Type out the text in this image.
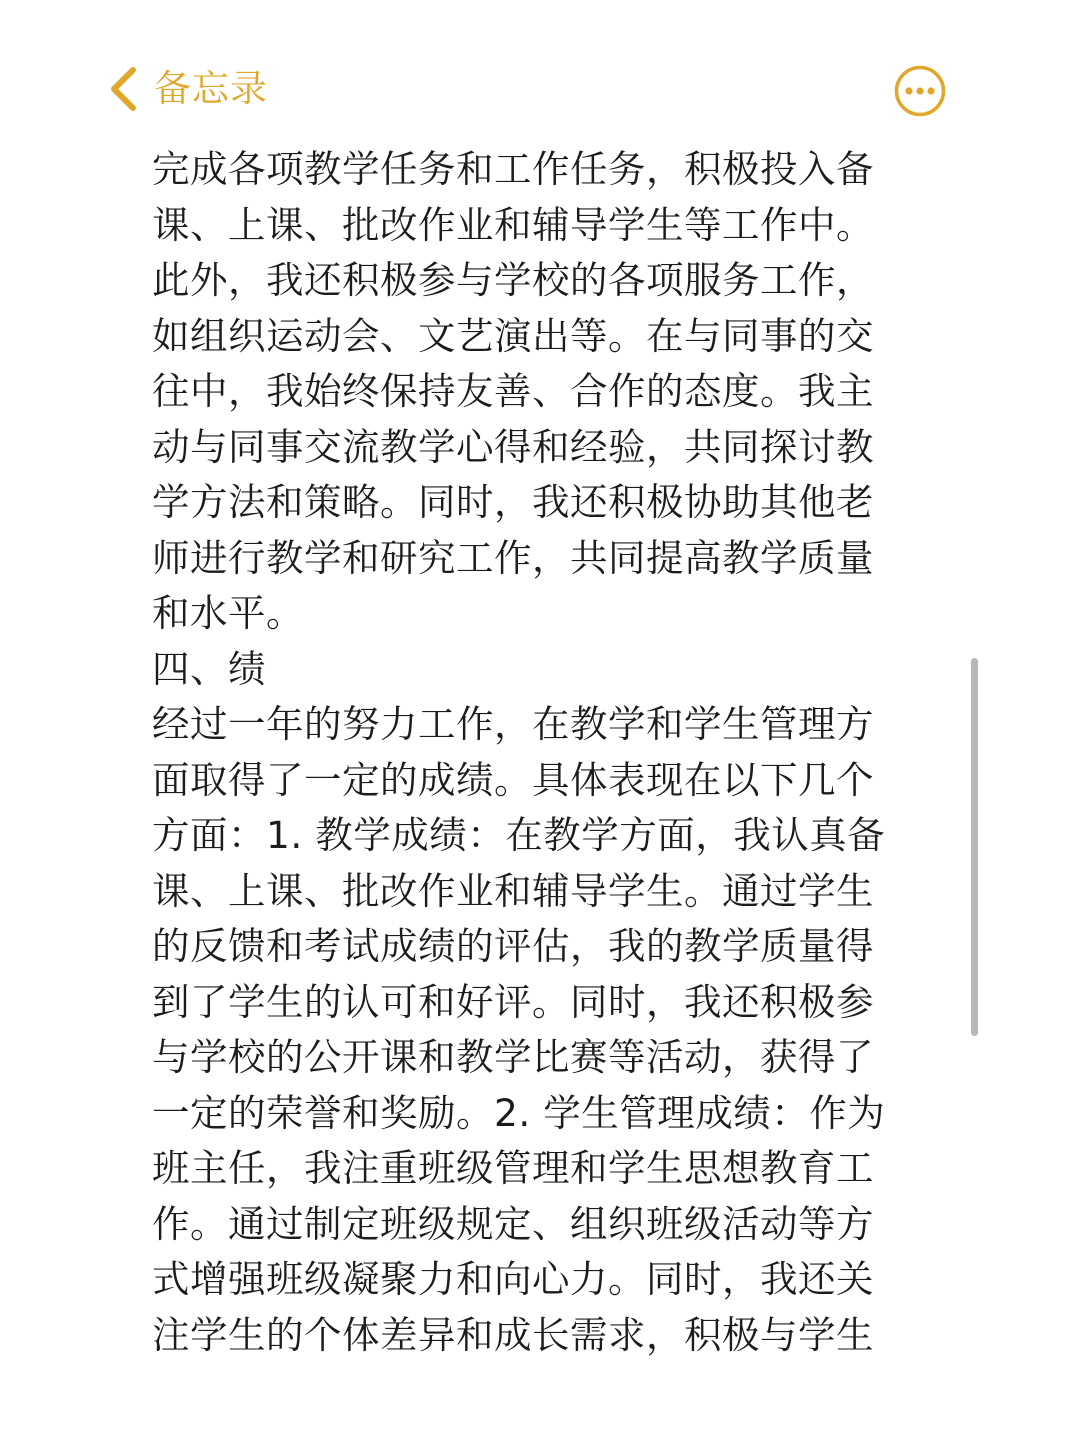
备忘录
完成各项教学任务和工作任务，积极投入备
课、上课、批改作业和辅导学生等工作中。
此外，我还积极参与学校的各项服务工作，
如组织运动会、文艺演出等。在与同事的交
往中，我始终保持友善、合作的态度。我主
动与同事交流教学心得和经验，共同探讨教
学方法和策略。同时，我还积极协助其他老
师进行教学和研究工作，共同提高教学质量
和水平。
四、绩
经过一年的努力工作，在教学和学生管理方
面取得了一定的成绩。具体表现在以下几个
方面：1. 教学成绩：在教学方面，我认真备
课、上课、批改作业和辅导学生。通过学生
的反馈和考试成绩的评估，我的教学质量得
到了学生的认可和好评。同时，我还积极参
与学校的公开课和教学比赛等活动，获得了
一定的荣誉和奖励。2. 学生管理成绩：作为
班主任，我注重班级管理和学生思想教育工
作。通过制定班级规定、组织班级活动等方
式增强班级凝聚力和向心力。同时，我还关
注学生的个体差异和成长需求，积极与学生
